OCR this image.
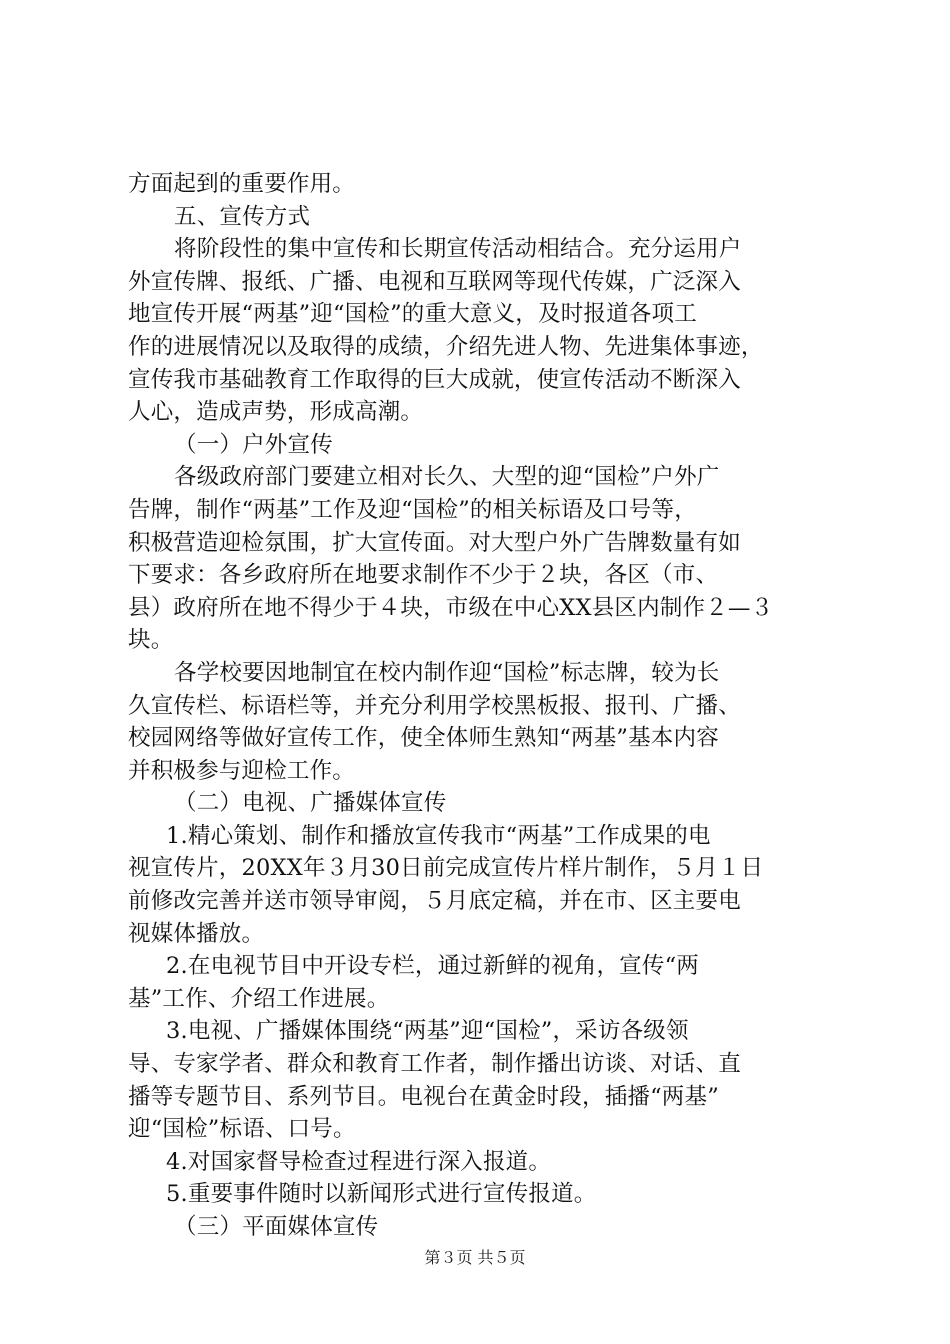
方面起到的重要作用。
五、宣传方式
将阶段性的集中宣传和长期宣传活动相结合。充分运用户
外宣传牌、报纸、广播、电视和互联网等现代传媒，广泛深入
地宣传开展“两基”迎“国检”的重大意义，及时报道各项工
作的进展情况以及取得的成绩，介绍先进人物、先进集体事迹，
宣传我市基础教育工作取得的巨大成就，使宣传活动不断深入
人心，造成声势，形成高潮。
（一）户外宣传
各级政府部门要建立相对长久、大型的迎“国检”户外广
告牌，制作“两基”工作及迎“国检”的相关标语及口号等，
积极营造迎检氛围，扩大宣传面。对大型户外广告牌数量有如
下要求：各乡政府所在地要求制作不少于２块，各区（市、
县）政府所在地不得少于４块，市级在中心XX县区内制作２—３
块。
各学校要因地制宜在校内制作迎“国检”标志牌，较为长
久宣传栏、标语栏等，并充分利用学校黑板报、报刊、广播、
校园网络等做好宣传工作，使全体师生熟知“两基”基本内容
并积极参与迎检工作。
（二）电视、广播媒体宣传
1.精心策划、制作和播放宣传我市“两基”工作成果的电
视宣传片，20XX年３月30日前完成宣传片样片制作，５月１日
前修改完善并送市领导审阅，５月底定稿，并在市、区主要电
视媒体播放。
2.在电视节目中开设专栏，通过新鲜的视角，宣传“两
基”工作、介绍工作进展。
3.电视、广播媒体围绕“两基”迎“国检”，采访各级领
导、专家学者、群众和教育工作者，制作播出访谈、对话、直
播等专题节目、系列节目。电视台在黄金时段，插播“两基”
迎“国检”标语、口号。
4.对国家督导检查过程进行深入报道。
5.重要事件随时以新闻形式进行宣传报道。
（三）平面媒体宣传
第３页 共５页
